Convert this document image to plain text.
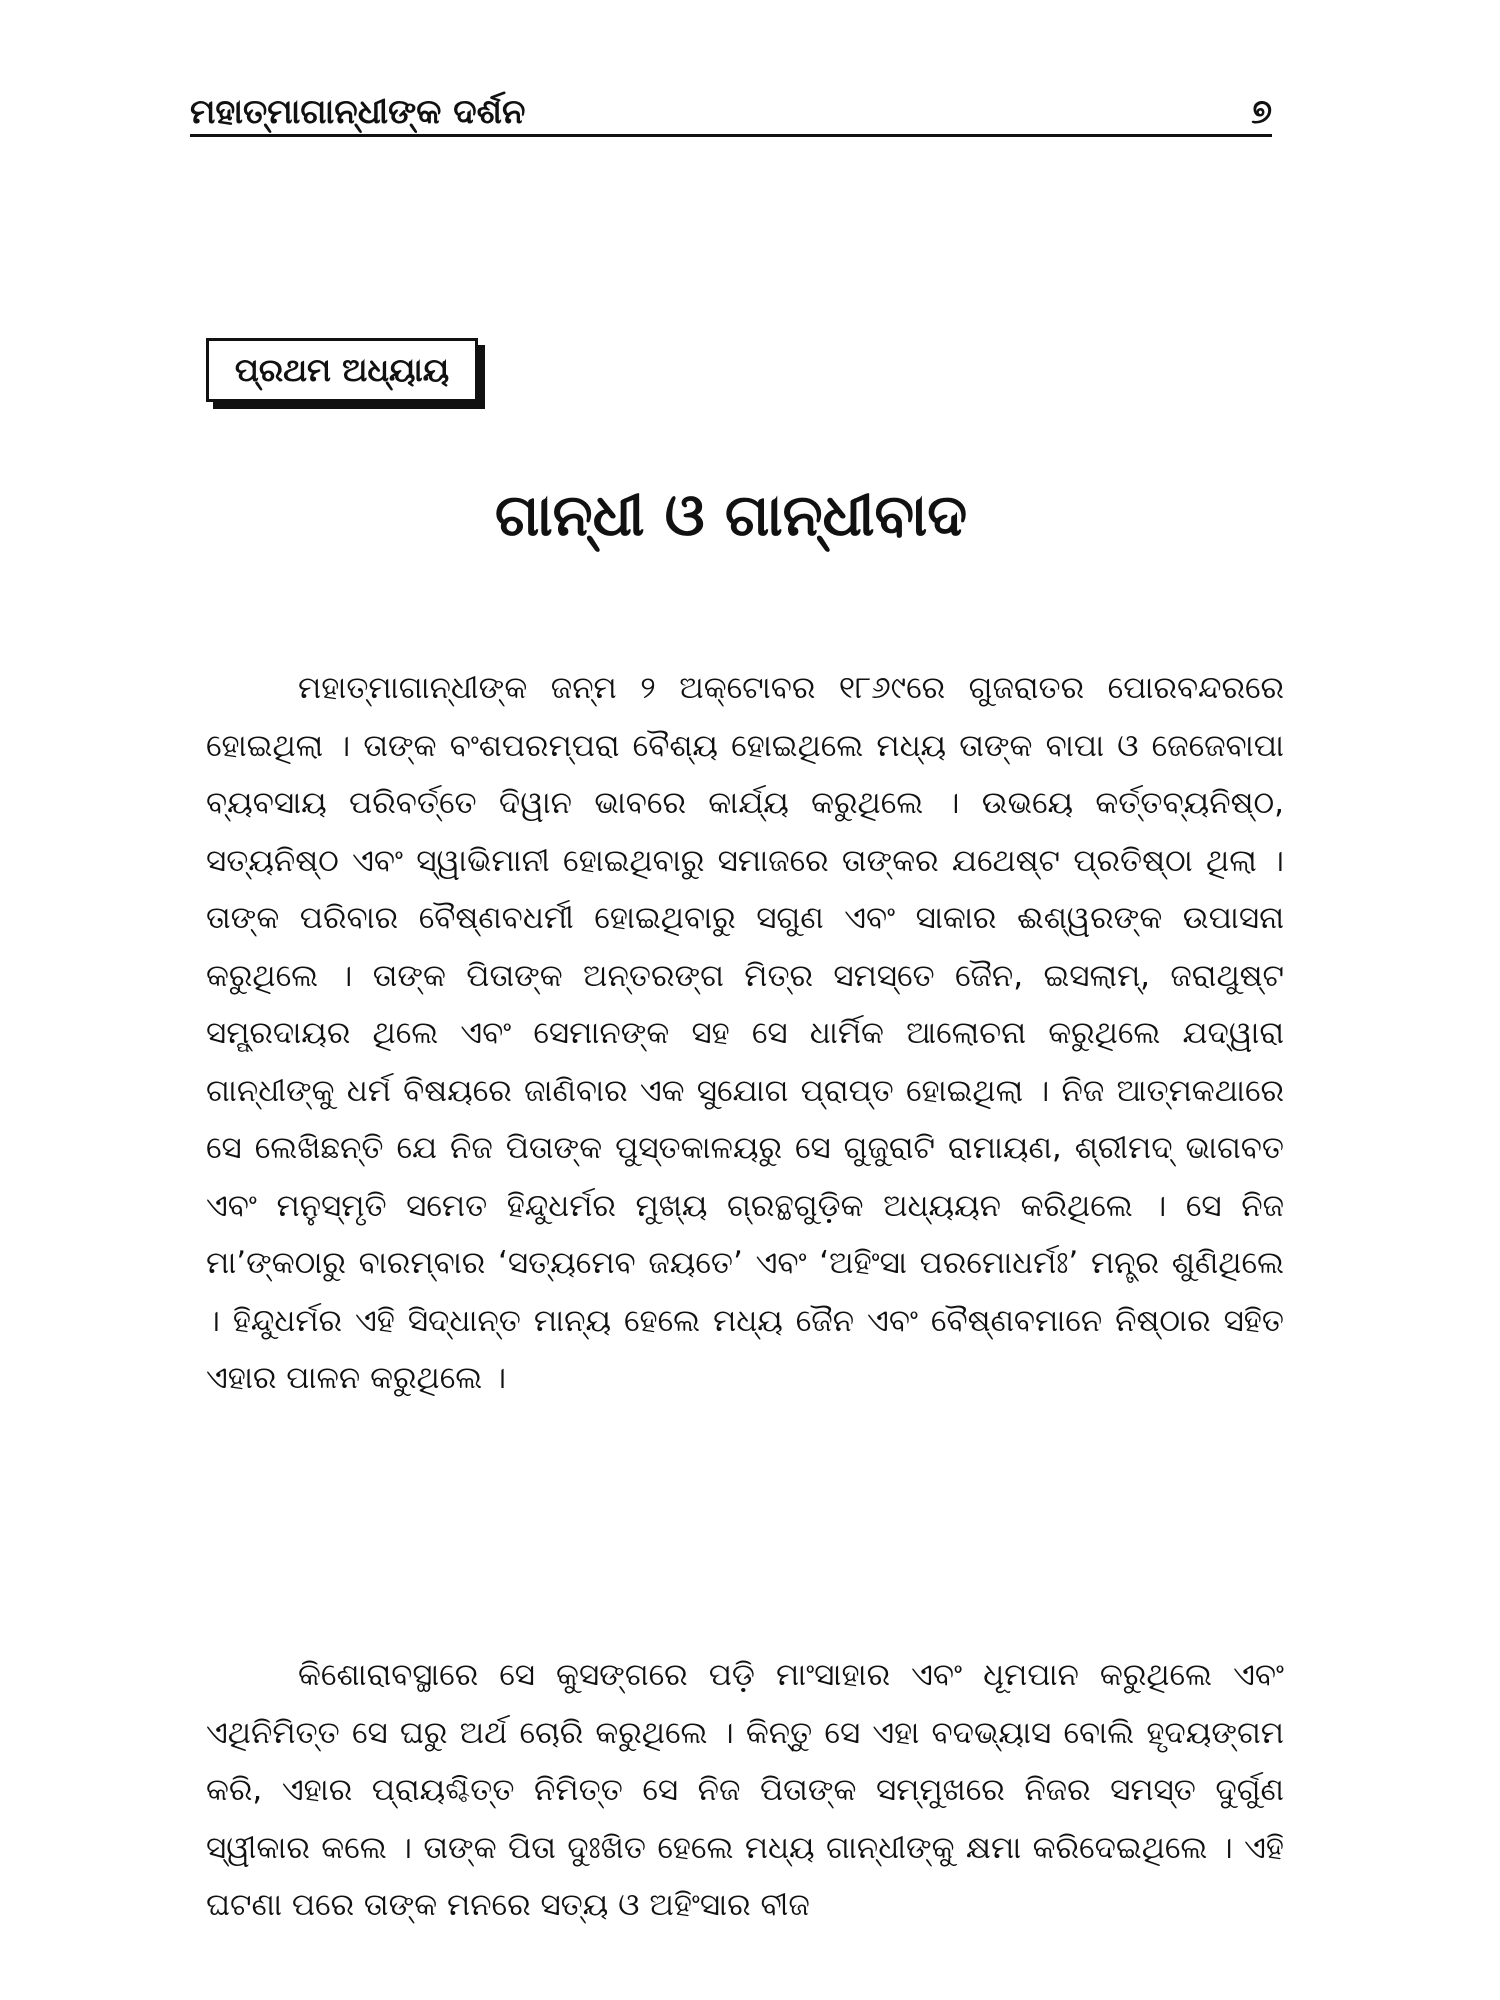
ମହାତ୍ମାଗାନ୍ଧୀଙ୍କ ଦର୍ଶନ	୭
ପ୍ରଥମ ଅଧ୍ୟାୟ
ଗାନ୍ଧୀ ଓ ଗାନ୍ଧୀବାଦ

ମହାତ୍ମାଗାନ୍ଧୀଙ୍କ ଜନ୍ମ ୨ ଅକ୍ଟୋବର ୧୮୬୯ରେ ଗୁଜରାତର ପୋରବନ୍ଦରରେ ହୋଇଥିଲା । ତାଙ୍କ ବଂଶପରମ୍ପରା ବୈଶ୍ୟ ହୋଇଥିଲେ ମଧ୍ୟ ତାଙ୍କ ବାପା ଓ ଜେଜେବାପା ବ୍ୟବସାୟ ପରିବର୍ତ୍ତେ ଦିୱାନ ଭାବରେ କାର୍ଯ୍ୟ କରୁଥିଲେ । ଉଭୟେ କର୍ତ୍ତବ୍ୟନିଷ୍ଠ, ସତ୍ୟନିଷ୍ଠ ଏବଂ ସ୍ୱାଭିମାନୀ ହୋଇଥିବାରୁ ସମାଜରେ ତାଙ୍କର ଯଥେଷ୍ଟ ପ୍ରତିଷ୍ଠା ଥିଲା । ତାଙ୍କ ପରିବାର ବୈଷ୍ଣବଧର୍ମୀ ହୋଇଥିବାରୁ ସଗୁଣ ଏବଂ ସାକାର ଈଶ୍ୱରଙ୍କ ଉପାସନା କରୁଥିଲେ । ତାଙ୍କ ପିତାଙ୍କ ଅନ୍ତରଙ୍ଗ ମିତ୍ର ସମସ୍ତେ ଜୈନ, ଇସଲାମ୍, ଜରାଥୁଷ୍ଟ ସମ୍ପ୍ରଦାୟର ଥିଲେ ଏବଂ ସେମାନଙ୍କ ସହ ସେ ଧାର୍ମିକ ଆଲୋଚନା କରୁଥିଲେ ଯଦ୍ୱାରା ଗାନ୍ଧୀଙ୍କୁ ଧର୍ମ ବିଷୟରେ ଜାଣିବାର ଏକ ସୁଯୋଗ ପ୍ରାପ୍ତ ହୋଇଥିଲା । ନିଜ ଆତ୍ମକଥାରେ ସେ ଲେଖିଛନ୍ତି ଯେ ନିଜ ପିତାଙ୍କ ପୁସ୍ତକାଳୟରୁ ସେ ଗୁଜୁରାଟି ରାମାୟଣ, ଶ୍ରୀମଦ୍ ଭାଗବତ ଏବଂ ମନୁସ୍ମୃତି ସମେତ ହିନ୍ଦୁଧର୍ମର ମୁଖ୍ୟ ଗ୍ରନ୍ଥଗୁଡ଼ିକ ଅଧ୍ୟୟନ କରିଥିଲେ । ସେ ନିଜ ମା’ଙ୍କଠାରୁ ବାରମ୍ବାର ‘ସତ୍ୟମେବ ଜୟତେ’ ଏବଂ ‘ଅହିଂସା ପରମୋଧର୍ମଃ’ ମନ୍ତ୍ର ଶୁଣିଥିଲେ । ହିନ୍ଦୁଧର୍ମର ଏହି ସିଦ୍ଧାନ୍ତ ମାନ୍ୟ ହେଲେ ମଧ୍ୟ ଜୈନ ଏବଂ ବୈଷ୍ଣବମାନେ ନିଷ୍ଠାର ସହିତ ଏହାର ପାଳନ କରୁଥିଲେ ।

କିଶୋରାବସ୍ଥାରେ ସେ କୁସଙ୍ଗରେ ପଡ଼ି ମାଂସାହାର ଏବଂ ଧୂମପାନ କରୁଥିଲେ ଏବଂ ଏଥିନିମିତ୍ତ ସେ ଘରୁ ଅର୍ଥ ଚୋରି କରୁଥିଲେ । କିନ୍ତୁ ସେ ଏହା ବଦଭ୍ୟାସ ବୋଲି ହୃଦୟଙ୍ଗମ କରି, ଏହାର ପ୍ରାୟଶ୍ଚିତ୍ତ ନିମିତ୍ତ ସେ ନିଜ ପିତାଙ୍କ ସମ୍ମୁଖରେ ନିଜର ସମସ୍ତ ଦୁର୍ଗୁଣ ସ୍ୱୀକାର କଲେ । ତାଙ୍କ ପିତା ଦୁଃଖିତ ହେଲେ ମଧ୍ୟ ଗାନ୍ଧୀଙ୍କୁ କ୍ଷମା କରିଦେଇଥିଲେ । ଏହି ଘଟଣା ପରେ ତାଙ୍କ ମନରେ ସତ୍ୟ ଓ ଅହିଂସାର ବୀଜ
